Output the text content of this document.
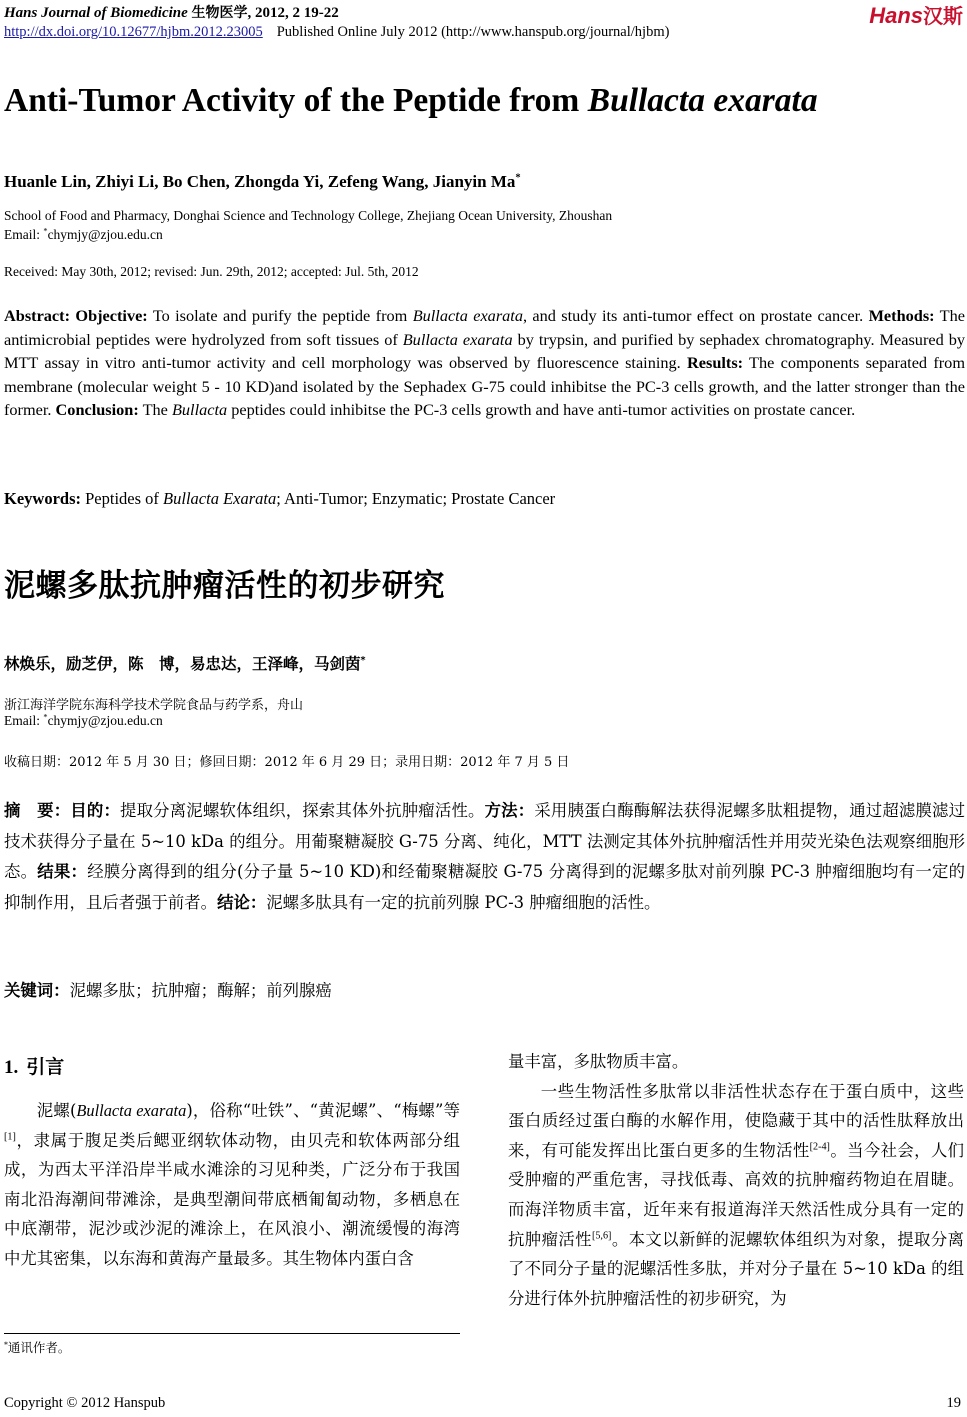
Hans Journal of Biomedicine 生物医学, 2012, 2 19-22
http://dx.doi.org/10.12677/hjbm.2012.23005 Published Online July 2012 (http://www.hanspub.org/journal/hjbm)
Hans汉斯
Anti-Tumor Activity of the Peptide from Bullacta exarata
Huanle Lin, Zhiyi Li, Bo Chen, Zhongda Yi, Zefeng Wang, Jianyin Ma*
School of Food and Pharmacy, Donghai Science and Technology College, Zhejiang Ocean University, Zhoushan
Email: *chymjy@zjou.edu.cn
Received: May 30th, 2012; revised: Jun. 29th, 2012; accepted: Jul. 5th, 2012
Abstract: Objective: To isolate and purify the peptide from Bullacta exarata, and study its anti-tumor effect on prostate cancer. Methods: The antimicrobial peptides were hydrolyzed from soft tissues of Bullacta exarata by trypsin, and purified by sephadex chromatography. Measured by MTT assay in vitro anti-tumor activity and cell morphology was observed by fluorescence staining. Results: The components separated from membrane (molecular weight 5 - 10 KD)and isolated by the Sephadex G-75 could inhibitse the PC-3 cells growth, and the latter stronger than the former. Conclusion: The Bullacta peptides could inhibitse the PC-3 cells growth and have anti-tumor activities on prostate cancer.
Keywords: Peptides of Bullacta Exarata; Anti-Tumor; Enzymatic; Prostate Cancer
泥螺多肽抗肿瘤活性的初步研究
林焕乐，励芝伊，陈　博，易忠达，王泽峰，马剑茵*
浙江海洋学院东海科学技术学院食品与药学系，舟山
Email: *chymjy@zjou.edu.cn
收稿日期：2012 年 5 月 30 日；修回日期：2012 年 6 月 29 日；录用日期：2012 年 7 月 5 日
摘　要：目的：提取分离泥螺软体组织，探索其体外抗肿瘤活性。方法：采用胰蛋白酶酶解法获得泥螺多肽粗提物，通过超滤膜滤过技术获得分子量在 5~10 kDa 的组分。用葡聚糖凝胶 G-75 分离、纯化，MTT 法测定其体外抗肿瘤活性并用荧光染色法观察细胞形态。结果：经膜分离得到的组分(分子量 5~10 KD)和经葡聚糖凝胶 G-75 分离得到的泥螺多肽对前列腺 PC-3 肿瘤细胞均有一定的抑制作用，且后者强于前者。结论：泥螺多肽具有一定的抗前列腺 PC-3 肿瘤细胞的活性。
关键词：泥螺多肽；抗肿瘤；酶解；前列腺癌
1. 引言

泥螺(Bullacta exarata)，俗称“吐铁”、“黄泥螺”、“梅螺”等[1]，隶属于腹足类后鳃亚纲软体动物，由贝壳和软体两部分组成，为西太平洋沿岸半咸水滩涂的习见种类，广泛分布于我国南北沿海潮间带滩涂，是典型潮间带底栖匍匐动物，多栖息在中底潮带，泥沙或沙泥的滩涂上，在风浪小、潮流缓慢的海湾中尤其密集，以东海和黄海产量最多。其生物体内蛋白含

量丰富，多肽物质丰富。

一些生物活性多肽常以非活性状态存在于蛋白质中，这些蛋白质经过蛋白酶的水解作用，使隐藏于其中的活性肽释放出来，有可能发挥出比蛋白更多的生物活性[2-4]。当今社会，人们受肿瘤的严重危害，寻找低毒、高效的抗肿瘤药物迫在眉睫。而海洋物质丰富，近年来有报道海洋天然活性成分具有一定的抗肿瘤活性[5,6]。本文以新鲜的泥螺软体组织为对象，提取分离了不同分子量的泥螺活性多肽，并对分子量在 5~10 kDa 的组分进行体外抗肿瘤活性的初步研究，为

*通讯作者。
Copyright © 2012 Hanspub	19
